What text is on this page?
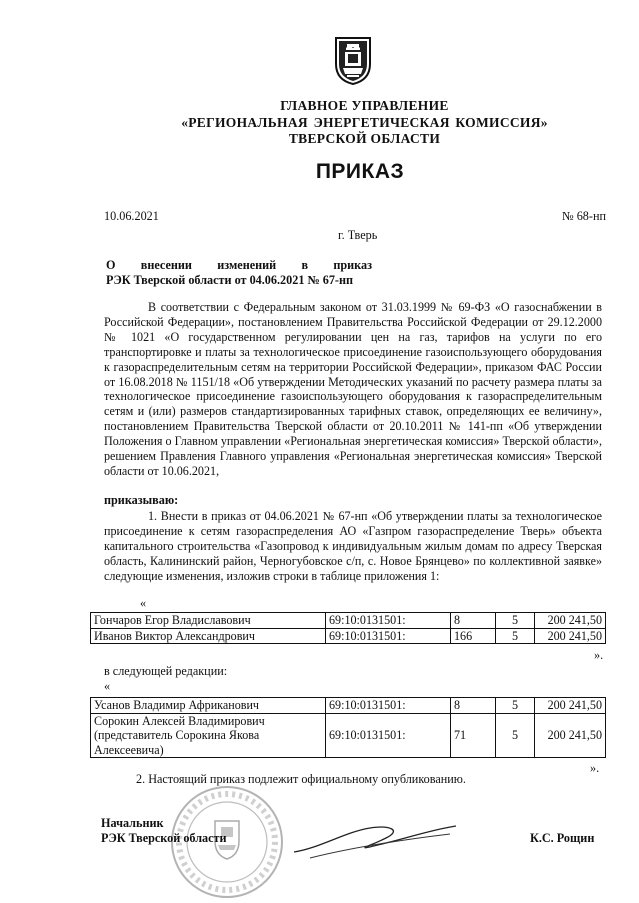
ГЛАВНОЕ УПРАВЛЕНИЕ
«РЕГИОНАЛЬНАЯ ЭНЕРГЕТИЧЕСКАЯ КОМИССИЯ»
ТВЕРСКОЙ ОБЛАСТИ
ПРИКАЗ
10.06.2021	№ 68-нп
г. Тверь
О внесении изменений в приказ
РЭК Тверской области от 04.06.2021 № 67-нп

В соответствии с Федеральным законом от 31.03.1999 № 69-ФЗ «О газоснабжении в Российской Федерации», постановлением Правительства Российской Федерации от 29.12.2000 № 1021 «О государственном регулировании цен на газ, тарифов на услуги по его транспортировке и платы за технологическое присоединение газоиспользующего оборудования к газораспределительным сетям на территории Российской Федерации», приказом ФАС России от 16.08.2018 № 1151/18 «Об утверждении Методических указаний по расчету размера платы за технологическое присоединение газоиспользующего оборудования к газораспределительным сетям и (или) размеров стандартизированных тарифных ставок, определяющих ее величину», постановлением Правительства Тверской области от 20.10.2011 № 141-пп «Об утверждении Положения о Главном управлении «Региональная энергетическая комиссия» Тверской области», решением Правления Главного управления «Региональная энергетическая комиссия» Тверской области от 10.06.2021,

приказываю:

1. Внести в приказ от 04.06.2021 № 67-нп «Об утверждении платы за технологическое присоединение к сетям газораспределения АО «Газпром газораспределение Тверь» объекта капитального строительства «Газопровод к индивидуальным жилым домам по адресу Тверская область, Калининский район, Черногубовское с/п, с. Новое Брянцево» по коллективной заявке» следующие изменения, изложив строки в таблице приложения 1:

«
Гончаров Егор Владиславович	69:10:0131501:	8	5	200 241,50
Иванов Виктор Александрович	69:10:0131501:	166	5	200 241,50
».
в следующей редакции:
«
Усанов Владимир Африканович	69:10:0131501:	8	5	200 241,50
Сорокин Алексей Владимирович (представитель Сорокина Якова Алексеевича)	69:10:0131501:	71	5	200 241,50
».
2. Настоящий приказ подлежит официальному опубликованию.
Начальник
РЭК Тверской области	К.С. Рощин
